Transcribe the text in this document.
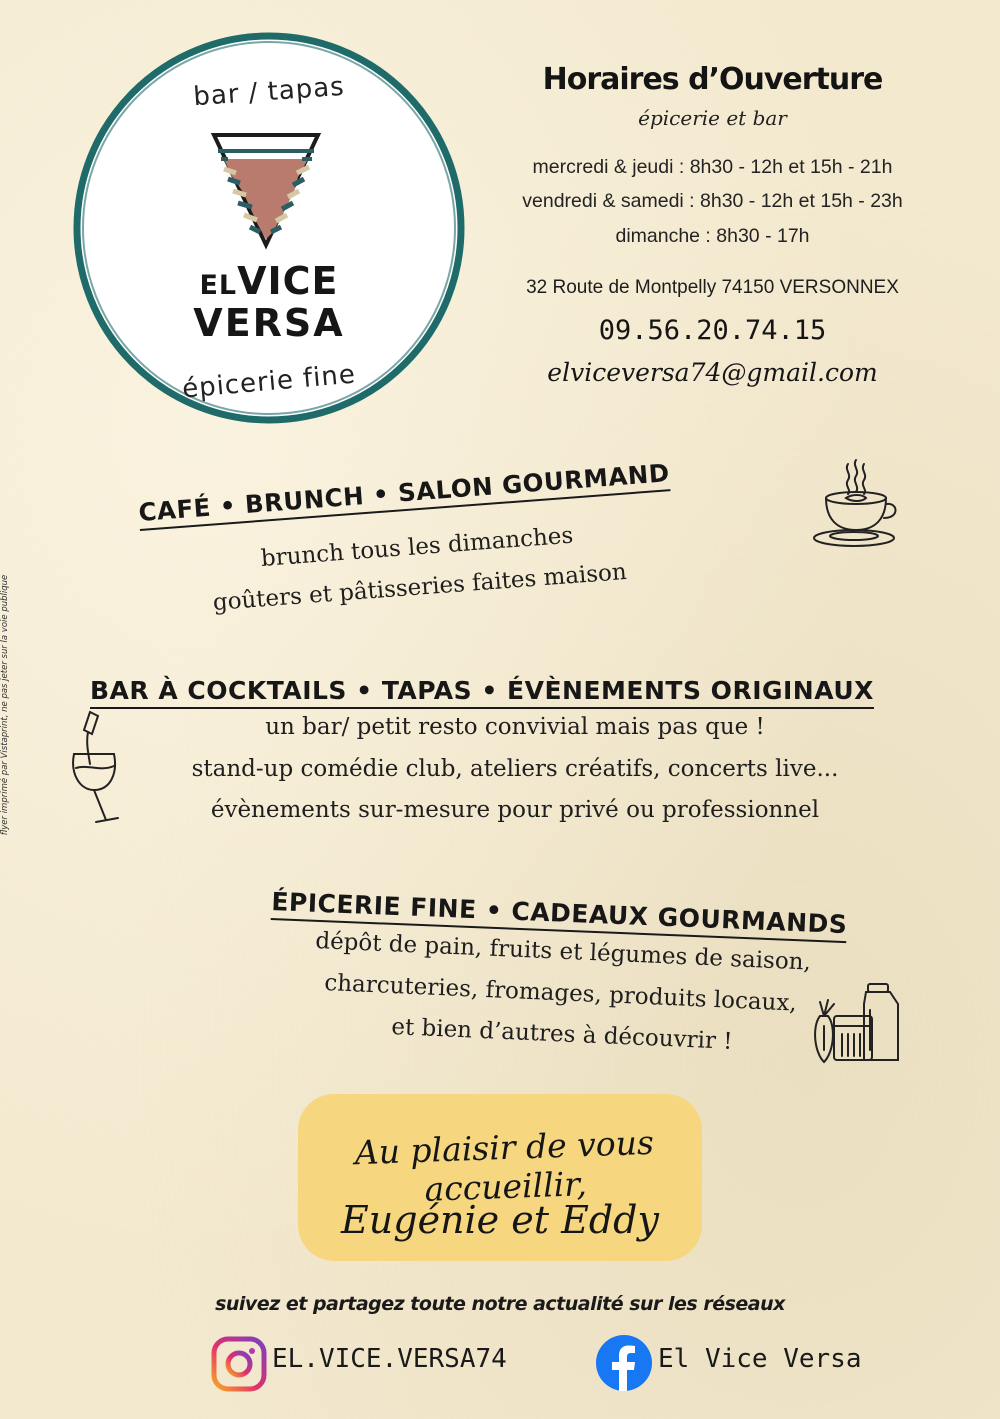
flyer imprimé par Vistaprint, ne pas jeter sur la voie publique
bar / tapas
ELVICE
VERSA
épicerie fine
Horaires d’Ouverture
épicerie et bar
mercredi & jeudi : 8h30 - 12h et 15h - 21h
vendredi & samedi : 8h30 - 12h et 15h - 23h
dimanche : 8h30 - 17h
32 Route de Montpelly 74150 VERSONNEX
09.56.20.74.15
elviceversa74@gmail.com
CAFÉ • BRUNCH • SALON GOURMAND
brunch tous les dimanches
goûters et pâtisseries faites maison
BAR À COCKTAILS • TAPAS • ÉVÈNEMENTS ORIGINAUX
un bar/ petit resto convivial mais pas que !
stand-up comédie club, ateliers créatifs, concerts live...
évènements sur-mesure pour privé ou professionnel
ÉPICERIE FINE • CADEAUX GOURMANDS
dépôt de pain, fruits et légumes de saison,
charcuteries, fromages, produits locaux,
et bien d’autres à découvrir !
Au plaisir de vous accueillir,
Eugénie et Eddy
suivez et partagez toute notre actualité sur les réseaux
EL.VICE.VERSA74	El Vice Versa
